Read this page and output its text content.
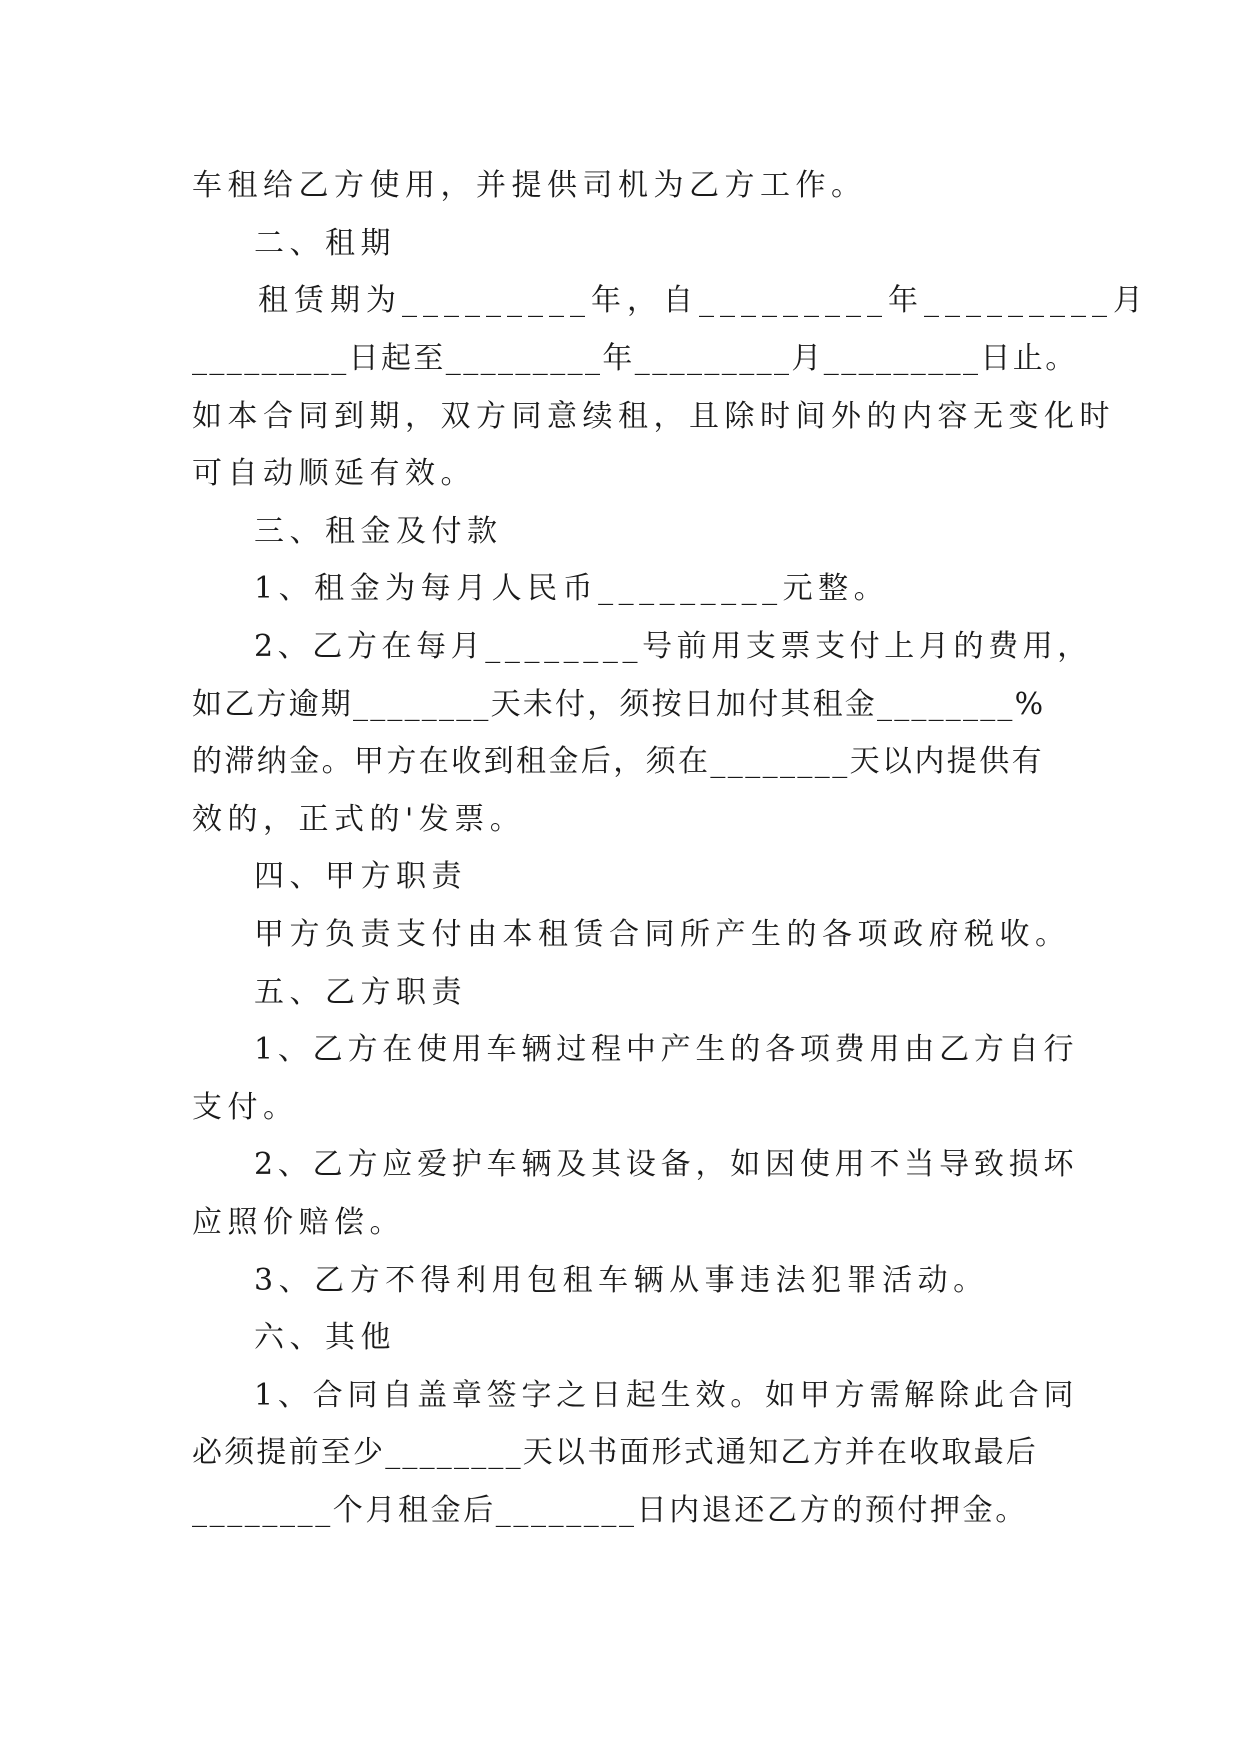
车租给乙方使用，并提供司机为乙方工作。
二、租期
租赁期为_________年，自_________年_________月
_________日起至_________年_________月_________日止。
如本合同到期，双方同意续租，且除时间外的内容无变化时
可自动顺延有效。
三、租金及付款
1、租金为每月人民币_________元整。
2、乙方在每月________号前用支票支付上月的费用，
如乙方逾期________天未付，须按日加付其租金________%
的滞纳金。甲方在收到租金后，须在________天以内提供有
效的，正式的'发票。
四、甲方职责
甲方负责支付由本租赁合同所产生的各项政府税收。
五、乙方职责
1、乙方在使用车辆过程中产生的各项费用由乙方自行
支付。
2、乙方应爱护车辆及其设备，如因使用不当导致损坏
应照价赔偿。
3、乙方不得利用包租车辆从事违法犯罪活动。
六、其他
1、合同自盖章签字之日起生效。如甲方需解除此合同
必须提前至少________天以书面形式通知乙方并在收取最后
________个月租金后________日内退还乙方的预付押金。
